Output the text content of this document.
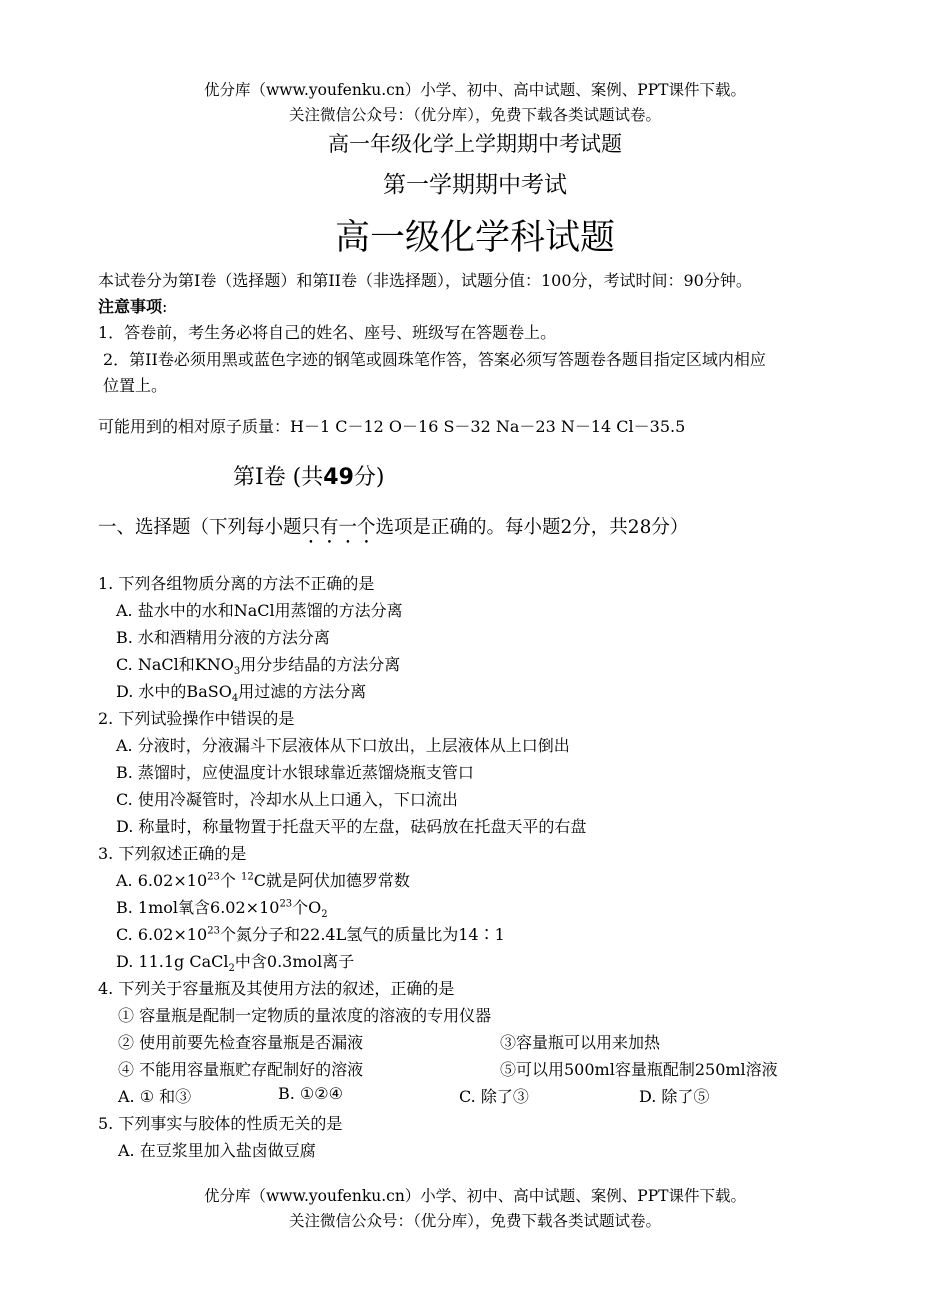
优分库（www.youfenku.cn）小学、初中、高中试题、案例、PPT课件下载。
关注微信公众号：（优分库），免费下载各类试题试卷。
高一年级化学上学期期中考试题
第一学期期中考试
高一级化学科试题
本试卷分为第I卷（选择题）和第II卷（非选择题），试题分值：100分，考试时间：90分钟。
注意事项:
1．答卷前，考生务必将自己的姓名、座号、班级写在答题卷上。
2．第II卷必须用黑或蓝色字迹的钢笔或圆珠笔作答，答案必须写答题卷各题目指定区域内相应
位置上。
可能用到的相对原子质量：H－1 C－12 O－16 S－32 Na－23 N－14 Cl－35.5
第Ⅰ卷 (共49分)
一、选择题（下列每小题只有一个选项是正确的。每小题2分，共28分）
1. 下列各组物质分离的方法不正确的是
A. 盐水中的水和NaCl用蒸馏的方法分离
B. 水和酒精用分液的方法分离
C. NaCl和$KNO_3$用分步结晶的方法分离
D. 水中的BaSO$_4$用过滤的方法分离
2. 下列试验操作中错误的是
A. 分液时，分液漏斗下层液体从下口放出，上层液体从上口倒出
B. 蒸馏时，应使温度计水银球靠近蒸馏烧瓶支管口
C. 使用冷凝管时，冷却水从上口通入，下口流出
D. 称量时，称量物置于托盘天平的左盘，砝码放在托盘天平的右盘
3. 下列叙述正确的是
A. $6.02\times 10^{23}$个 $^{12}$C就是阿伏加德罗常数
B. 1mol氧含$6.02\times 10^{23}$个$O_2$
C. $6.02\times 10^{23}$个氮分子和22.4L氢气的质量比为14∶1
D. 11.1g CaCl$_2$中含0.3mol离子
4. 下列关于容量瓶及其使用方法的叙述，正确的是
① 容量瓶是配制一定物质的量浓度的溶液的专用仪器
② 使用前要先检查容量瓶是否漏液	③容量瓶可以用来加热
④ 不能用容量瓶贮存配制好的溶液	⑤可以用500ml容量瓶配制250ml溶液
A. ① 和③	B. ①②④	C. 除了③	D. 除了⑤
5. 下列事实与胶体的性质无关的是
A. 在豆浆里加入盐卤做豆腐
优分库（www.youfenku.cn）小学、初中、高中试题、案例、PPT课件下载。
关注微信公众号：（优分库），免费下载各类试题试卷。
